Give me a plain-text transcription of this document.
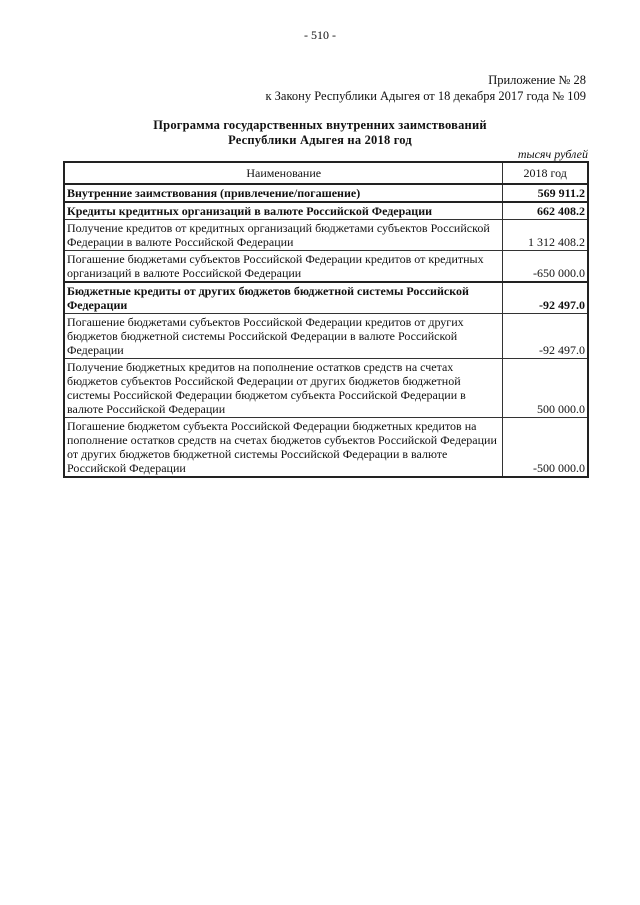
- 510 -
Приложение № 28
к Закону Республики Адыгея от 18 декабря 2017 года № 109
Программа государственных внутренних заимствований
Республики Адыгея на 2018 год
тысяч рублей
Наименование	2018 год
Внутренние заимствования (привлечение/погашение)	569 911.2
Кредиты кредитных организаций в валюте Российской Федерации	662 408.2
Получение кредитов от кредитных организаций бюджетами субъектов Российской Федерации в валюте Российской Федерации	1 312 408.2
Погашение бюджетами субъектов Российской Федерации кредитов от кредитных организаций в валюте Российской Федерации	-650 000.0
Бюджетные кредиты от других бюджетов бюджетной системы Российской Федерации	-92 497.0
Погашение бюджетами субъектов Российской Федерации кредитов от других бюджетов бюджетной системы Российской Федерации в валюте Российской Федерации	-92 497.0
Получение бюджетных кредитов на пополнение остатков средств на счетах бюджетов субъектов Российской Федерации от других бюджетов бюджетной системы Российской Федерации бюджетом субъекта Российской Федерации в валюте Российской Федерации	500 000.0
Погашение бюджетом субъекта Российской Федерации бюджетных кредитов на пополнение остатков средств на счетах бюджетов субъектов Российской Федерации от других бюджетов бюджетной системы Российской Федерации в валюте Российской Федерации	-500 000.0
